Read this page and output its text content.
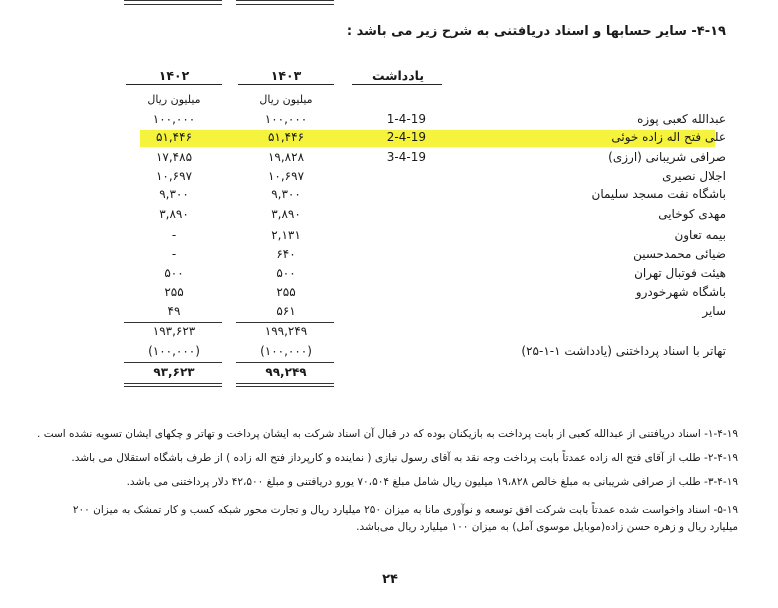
۴-۱۹- سایر حسابها و اسناد دریافتنی به شرح زیر می باشد :
یادداشت
۱۴۰۳
۱۴۰۲
میلیون ریال
میلیون ریال
عبدالله کعبی پوزه
1-4-19
۱۰۰,۰۰۰
۱۰۰,۰۰۰
علی فتح اله زاده خوئی
2-4-19
۵۱,۴۴۶
۵۱,۴۴۶
صرافی شریبانی (ارزی)
3-4-19
۱۹,۸۲۸
۱۷,۴۸۵
اجلال نصیری
۱۰,۶۹۷
۱۰,۶۹۷
باشگاه نفت مسجد سلیمان
۹,۳۰۰
۹,۳۰۰
مهدی کوخایی
۳,۸۹۰
۳,۸۹۰
بیمه تعاون
۲,۱۳۱
-
ضیائی محمدحسین
۶۴۰
-
هیئت فوتبال تهران
۵۰۰
۵۰۰
باشگاه شهرخودرو
۲۵۵
۲۵۵
سایر
۵۶۱
۴۹
۱۹۹,۲۴۹
۱۹۳,۶۲۳
تهاتر با اسناد پرداختنی (یادداشت ۱-۱-۲۵)
(۱۰۰,۰۰۰)
(۱۰۰,۰۰۰)
۹۹,۲۴۹
۹۳,۶۲۳
۱-۴-۱۹- اسناد دریافتنی از عبدالله کعبی از بابت پرداخت به بازیکنان بوده که در قبال آن اسناد شرکت به ایشان پرداخت و تهاتر و چکهای ایشان تسویه نشده است .
۲-۴-۱۹- طلب از آقای فتح اله زاده عمدتاً بابت پرداخت وجه نقد به آقای رسول نیازی ( نماینده و کارپرداز فتح اله زاده ) از طرف باشگاه استقلال می باشد.
۳-۴-۱۹- طلب از صرافی شریبانی به مبلغ خالص ۱۹،۸۲۸ میلیون ریال شامل مبلغ ۷۰،۵۰۴ یورو دریافتنی و مبلغ ۴۲،۵۰۰ دلار پرداختنی می باشد.
۵-۱۹- اسناد واخواست شده عمدتاً بابت شرکت افق توسعه و نوآوری مانا به میزان ۲۵۰ میلیارد ریال و تجارت محور شبکه کسب و کار تمشک به میزان ۲۰۰ میلیارد ریال و زهره حسن زاده(موبایل موسوی آمل) به میزان ۱۰۰ میلیارد ریال می‌باشد.
۲۴
